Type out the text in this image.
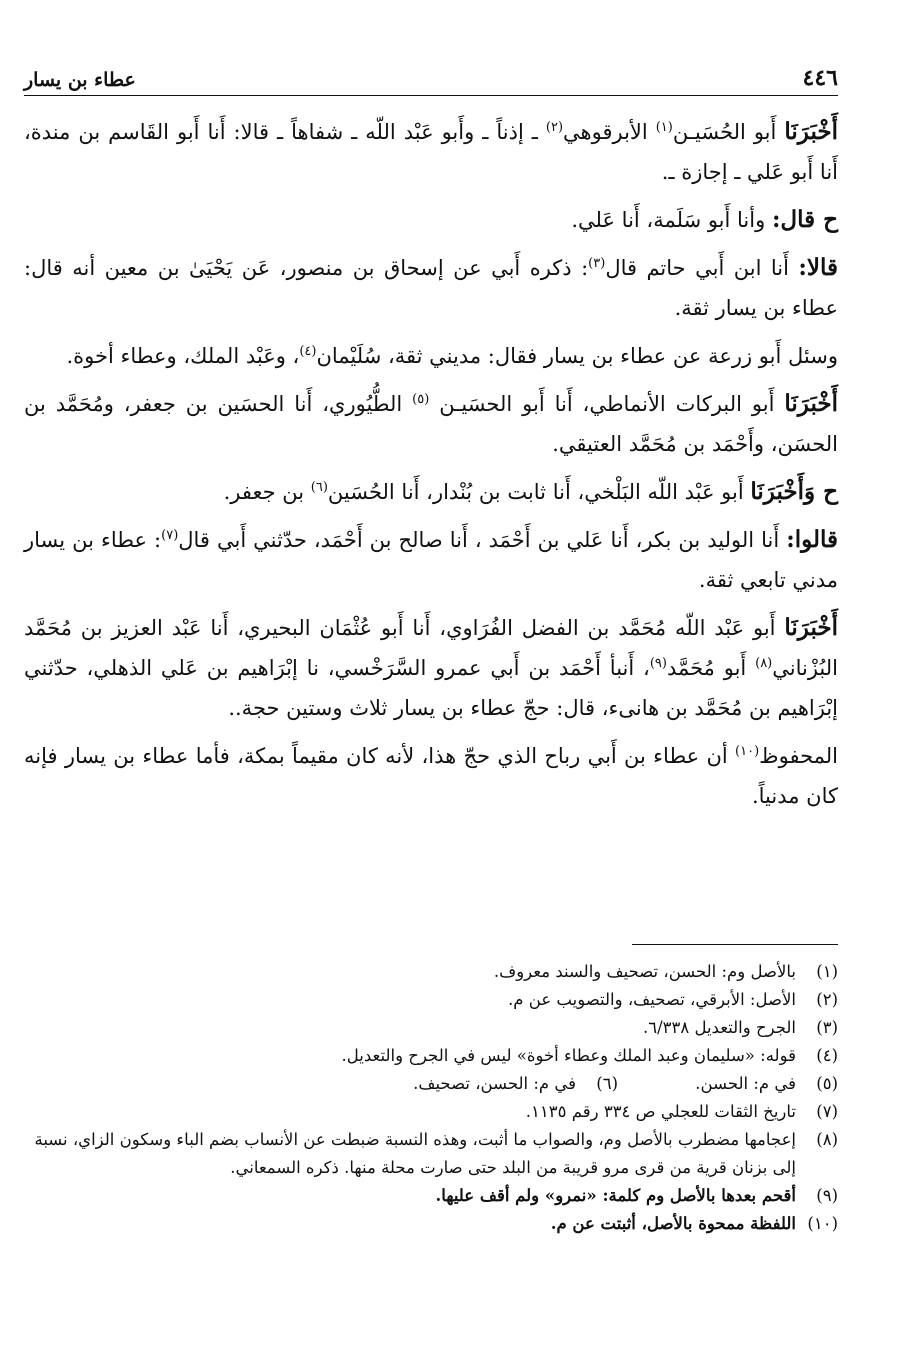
٤٤٦
عطاء بن يسار

أَخْبَرَنَا أَبو الحُسَيـن$^{(١)}$ الأبرقوهي$^{(٢)}$ ـ إذناً ـ وأَبو عَبْد اللّه ـ شفاهاً ـ قالا: أَنا أَبو القَاسم بن مندة، أَنا أَبو عَلي ـ إجازة ـ.

ح قال: وأنا أَبو سَلَمة، أَنا عَلي.

قالا: أَنا ابن أَبي حاتم قال$^{(٣)}$: ذكره أَبي عن إسحاق بن منصور، عَن يَحْيَىٰ بن معين أنه قال: عطاء بن يسار ثقة.

وسئل أَبو زرعة عن عطاء بن يسار فقال: مديني ثقة، سُلَيْمان$^{(٤)}$، وعَبْد الملك، وعطاء أخوة.

أَخْبَرَنَا أَبو البركات الأنماطي، أَنا أَبو الحسَيـن $^{(٥)}$ الطُّيُوري، أَنا الحسَين بن جعفر، ومُحَمَّد بن الحسَن، وأَحْمَد بن مُحَمَّد العتيقي.

ح وَأَخْبَرَنَا أَبو عَبْد اللّه البَلْخي، أَنا ثابت بن بُنْدار، أَنا الحُسَين$^{(٦)}$ بن جعفر.

قالوا: أَنا الوليد بن بكر، أَنا عَلي بن أَحْمَد ، أَنا صالح بن أَحْمَد، حدّثني أَبي قال$^{(٧)}$: عطاء بن يسار مدني تابعي ثقة.

أَخْبَرَنَا أَبو عَبْد اللّه مُحَمَّد بن الفضل الفُرَاوي، أَنا أَبو عُثْمَان البحيري، أَنا عَبْد العزيز بن مُحَمَّد البُزْناني$^{(٨)}$ أَبو مُحَمَّد$^{(٩)}$، أَنبأ أَحْمَد بن أَبي عمرو السَّرَخْسي، نا إبْرَاهيم بن عَلي الذهلي، حدّثني إبْرَاهيم بن مُحَمَّد بن هانىء، قال: حجّ عطاء بن يسار ثلاث وستين حجة..

المحفوظ$^{(١٠)}$ أن عطاء بن أَبي رباح الذي حجّ هذا، لأنه كان مقيماً بمكة، فأما عطاء بن يسار فإنه كان مدنياً.

(١)
بالأصل وم: الحسن، تصحيف والسند معروف.
(٢)
الأصل: الأبرقي، تصحيف، والتصويب عن م.
(٣)
الجرح والتعديل ٦/٣٣٨.
(٤)
قوله: «سليمان وعبد الملك وعطاء أخوة» ليس في الجرح والتعديل.
(٥)
في م: الحسن.
(٦)
في م: الحسن، تصحيف.
(٧)
تاريخ الثقات للعجلي ص ٣٣٤ رقم ١١٣٥.
(٨)
إعجامها مضطرب بالأصل وم، والصواب ما أثبت، وهذه النسبة ضبطت عن الأنساب بضم الباء وسكون الزاي، نسبة إلى بزنان قرية من قرى مرو قريبة من البلد حتى صارت محلة منها. ذكره السمعاني.
(٩)
أقحم بعدها بالأصل وم كلمة: «نمرو» ولم أقف عليها.
(١٠)
اللفظة ممحوة بالأصل، أثبتت عن م.
